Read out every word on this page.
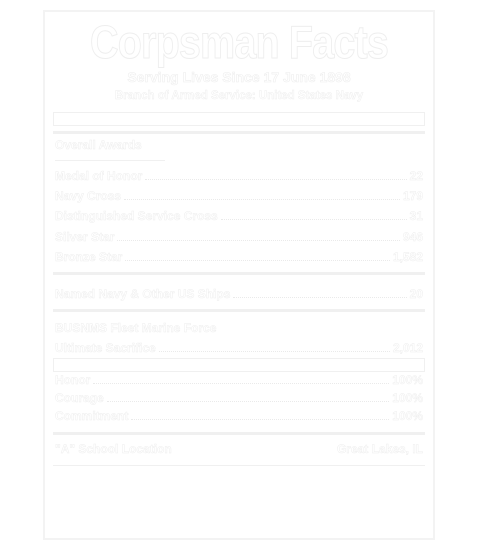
Corpsman Facts
Serving Lives Since 17 June 1898
Branch of Armed Service: United States Navy
Overall Awards
Medal of Honor	22
Navy Cross	179
Distinguished Service Cross	31
Silver Star	946
Bronze Star	1,582
Named Navy & Other US Ships	20
BUSNMS Fleet Marine Force
Ultimate Sacrifice	2,012
Honor	100%
Courage	100%
Commitment	100%
"A" School Location	Great Lakes, IL
